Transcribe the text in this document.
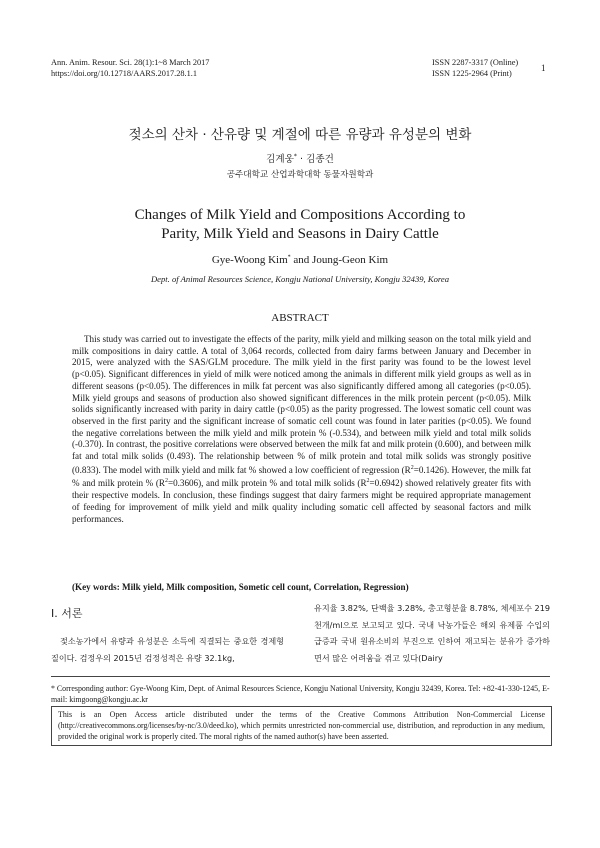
Ann. Anim. Resour. Sci. 28(1):1~8 March 2017
https://doi.org/10.12718/AARS.2017.28.1.1
ISSN 2287-3317 (Online)
ISSN 1225-2964 (Print)
1
젖소의 산차 · 산유량 및 계절에 따른 유량과 유성분의 변화
김계웅* · 김종건
공주대학교 산업과학대학 동물자원학과
Changes of Milk Yield and Compositions According to
Parity, Milk Yield and Seasons in Dairy Cattle
Gye-Woong Kim* and Joung-Geon Kim
Dept. of Animal Resources Science, Kongju National University, Kongju 32439, Korea
ABSTRACT

This study was carried out to investigate the effects of the parity, milk yield and milking season on the total milk yield and milk compositions in dairy cattle. A total of 3,064 records, collected from dairy farms between January and December in 2015, were analyzed with the SAS/GLM procedure. The milk yield in the first parity was found to be the lowest level (p<0.05). Significant differences in yield of milk were noticed among the animals in different milk yield groups as well as in different seasons (p<0.05). The differences in milk fat percent was also significantly differed among all categories (p<0.05). Milk yield groups and seasons of production also showed significant differences in the milk protein percent (p<0.05). Milk solids significantly increased with parity in dairy cattle (p<0.05) as the parity progressed. The lowest somatic cell count was observed in the first parity and the significant increase of somatic cell count was found in later parities (p<0.05). We found the negative correlations between the milk yield and milk protein % (-0.534), and between milk yield and total milk solids (-0.370). In contrast, the positive correlations were observed between the milk fat and milk protein (0.600), and between milk fat and total milk solids (0.493). The relationship between % of milk protein and total milk solids was strongly positive (0.833). The model with milk yield and milk fat % showed a low coefficient of regression $(R^2=0.1426)$. However, the milk fat % and milk protein % $(R^2=0.3606)$, and milk protein % and total milk solids $(R^2=0.6942)$ showed relatively greater fits with their respective models. In conclusion, these findings suggest that dairy farmers might be required appropriate management of feeding for improvement of milk yield and milk quality including somatic cell affected by seasonal factors and milk performances.

(Key words: Milk yield, Milk composition, Sometic cell count, Correlation, Regression)
Ⅰ. 서론

젖소농가에서 유량과 유성분은 소득에 직결되는 중요한 경제형질이다. 검정우의 2015년 검정성적은 유량 32.1kg,

유지율 3.82%, 단백율 3.28%, 총고형분율 8.78%, 체세포수 219천개/ml으로 보고되고 있다. 국내 낙농가들은 해외 유제품 수입의 급증과 국내 원유소비의 부진으로 인하여 재고되는 분유가 증가하면서 많은 어려움을 겪고 있다(Dairy

* Corresponding author: Gye-Woong Kim, Dept. of Animal Resources Science, Kongju National University, Kongju 32439, Korea. Tel: +82-41-330-1245, E-mail: kimgoong@kongju.ac.kr

This is an Open Access article distributed under the terms of the Creative Commons Attribution Non-Commercial License (http://creativecommons.org/licenses/by-nc/3.0/deed.ko), which permits unrestricted non-commercial use, distribution, and reproduction in any medium, provided the original work is properly cited. The moral rights of the named author(s) have been asserted.
